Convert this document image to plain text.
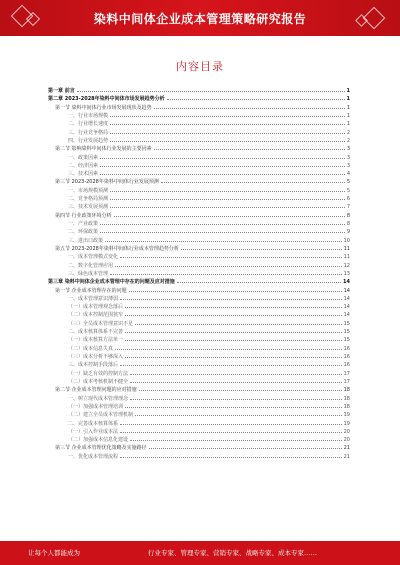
染料中间体企业成本管理策略研究报告
内容目录
第一章 前言	1
第二章 2023-2028年染料中间体市场发展趋势分析	1
第一节 染料中间体行业市场发展现状及趋势	1
一、行业市场规模	1
二、行业增长速度	1
三、行业竞争格局	2
四、行业发展趋势	2
第二节 影响染料中间体行业发展的主要因素	3
一、政策因素	3
二、经济因素	3
三、技术因素	4
第三节 2023-2028年染料中间体行业发展预测	5
一、市场规模预测	5
二、竞争格局预测	6
三、技术发展预测	7
第四节 行业政策环境分析	8
一、产业政策	8
二、环保政策	9
三、进出口政策	10
第五节 2023-2028年染料中间体行业成本管理趋势分析	11
一、成本管理模式变化	11
二、数字化管理应用	12
三、绿色成本管理	13
第三章 染料中间体企业成本管理中存在的问题及应对措施	14
第一节 企业成本管理存在的问题	14
一、成本管理意识薄弱	14
（一）成本管理观念落后	14
（二）成本控制范围狭窄	14
（三）全员成本管理意识不足	15
二、成本核算体系不完善	15
（一）成本核算方法单一	15
（二）成本信息失真	16
（三）成本分析不够深入	16
三、成本控制手段落后	16
（一）缺乏有效的控制方法	17
（二）成本考核机制不健全	17
第二节 企业成本管理问题的应对措施	18
一、树立现代成本管理理念	18
（一）加强成本管理培训	18
（二）建立全员成本管理机制	19
二、完善成本核算体系	19
（一）引入作业成本法	20
（二）加强成本信息化建设	20
第三节 企业成本管理优化策略及实施路径	21
一、优化成本管理流程	21
让每个人都能成为	行业专家、管理专家、营销专家、战略专家、成本专家……
